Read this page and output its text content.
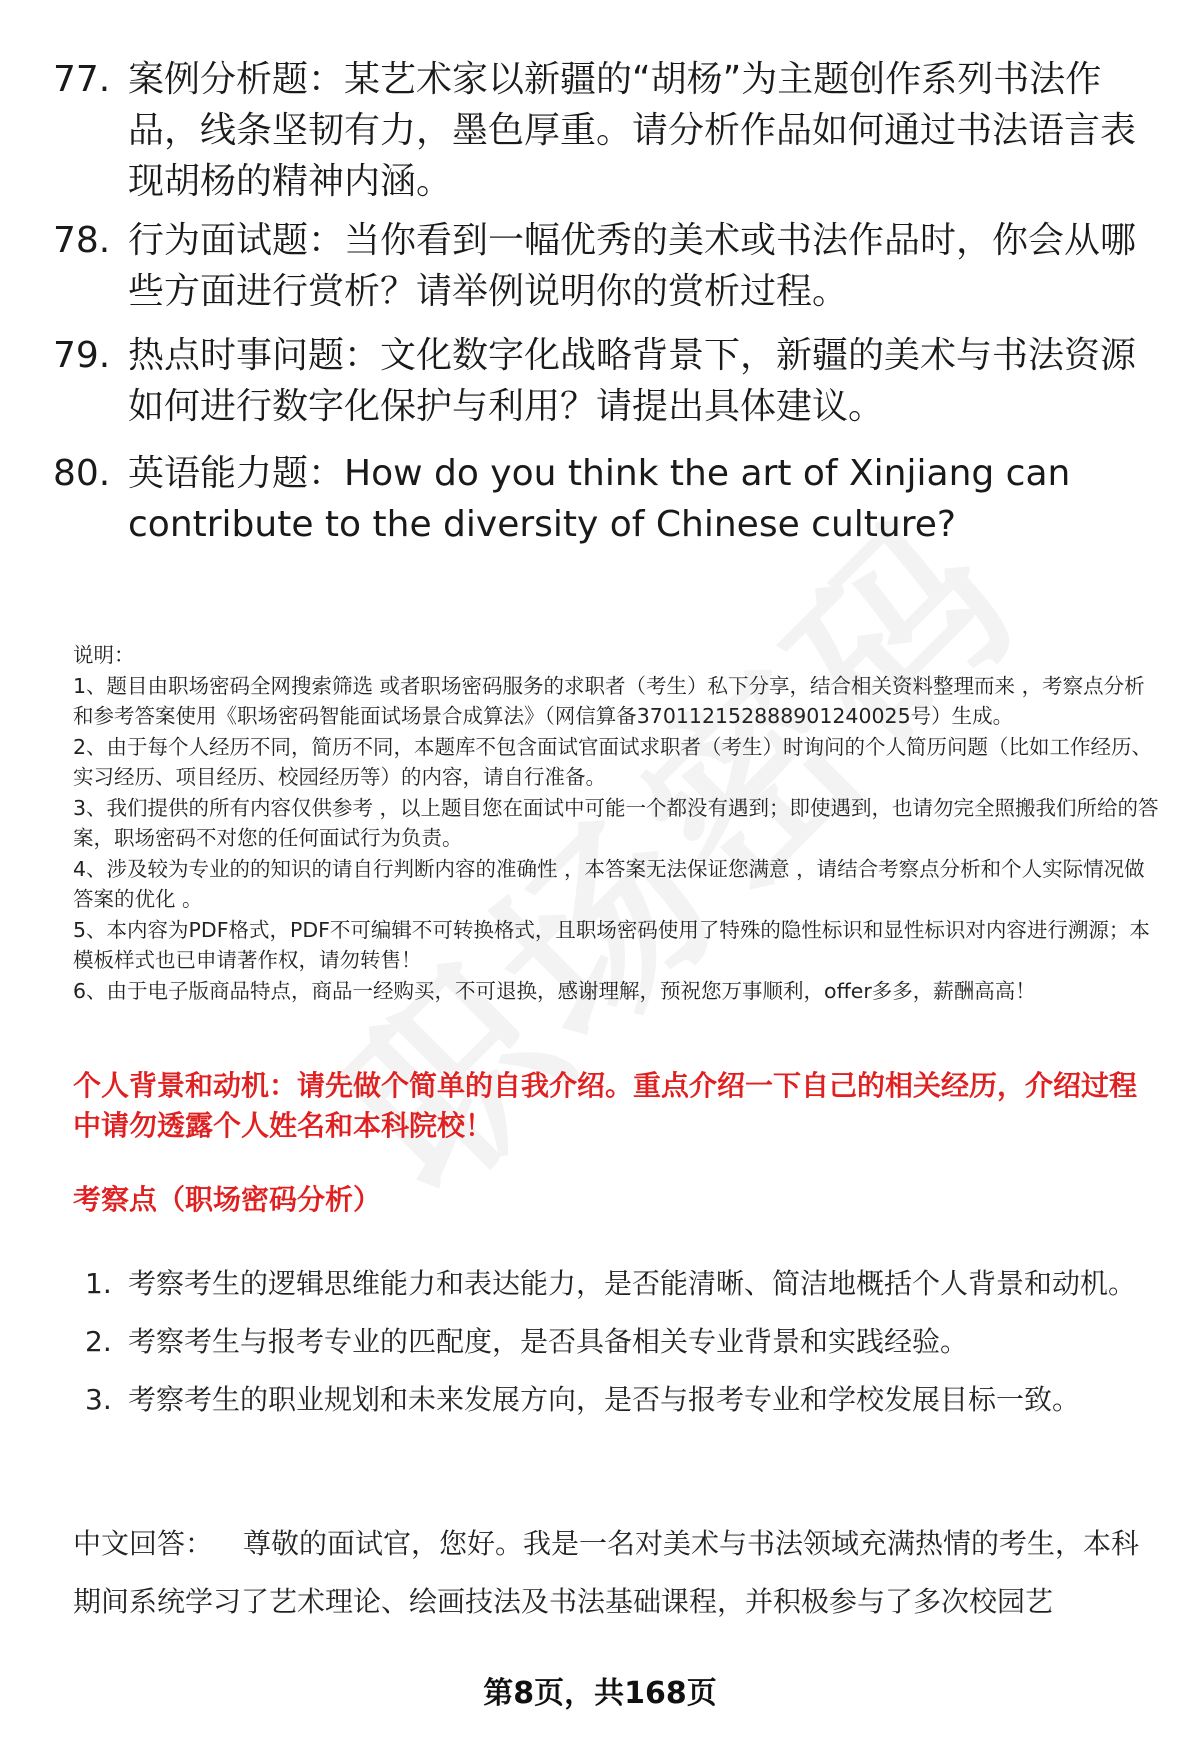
77. 案例分析题：某艺术家以新疆的“胡杨”为主题创作系列书法作品，线条坚韧有力，墨色厚重。请分析作品如何通过书法语言表现胡杨的精神内涵。
78. 行为面试题：当你看到一幅优秀的美术或书法作品时，你会从哪些方面进行赏析？请举例说明你的赏析过程。
79. 热点时事问题：文化数字化战略背景下，新疆的美术与书法资源如何进行数字化保护与利用？请提出具体建议。
80. 英语能力题：How do you think the art of Xinjiang can contribute to the diversity of Chinese culture?

说明：

1、题目由职场密码全网搜索筛选 或者职场密码服务的求职者（考生）私下分享，结合相关资料整理而来 ，考察点分析和参考答案使用《职场密码智能面试场景合成算法》（网信算备370112152888901240025号）生成。

2、由于每个人经历不同，简历不同，本题库不包含面试官面试求职者（考生）时询问的个人简历问题（比如工作经历、实习经历、项目经历、校园经历等）的内容，请自行准备。

3、我们提供的所有内容仅供参考 ，以上题目您在面试中可能一个都没有遇到；即使遇到，也请勿完全照搬我们所给的答案，职场密码不对您的任何面试行为负责。

4、涉及较为专业的的知识的请自行判断内容的准确性 ，本答案无法保证您满意 ，请结合考察点分析和个人实际情况做答案的优化 。

5、本内容为PDF格式，PDF不可编辑不可转换格式，且职场密码使用了特殊的隐性标识和显性标识对内容进行溯源；本模板样式也已申请著作权，请勿转售！

6、由于电子版商品特点，商品一经购买，不可退换，感谢理解，预祝您万事顺利，offer多多，薪酬高高！

个人背景和动机：请先做个简单的自我介绍。重点介绍一下自己的相关经历，介绍过程中请勿透露个人姓名和本科院校！
考察点（职场密码分析）
1. 考察考生的逻辑思维能力和表达能力，是否能清晰、简洁地概括个人背景和动机。
2. 考察考生与报考专业的匹配度，是否具备相关专业背景和实践经验。
3. 考察考生的职业规划和未来发展方向，是否与报考专业和学校发展目标一致。
中文回答： 尊敬的面试官，您好。我是一名对美术与书法领域充满热情的考生，本科期间系统学习了艺术理论、绘画技法及书法基础课程，并积极参与了多次校园艺
第8页，共168页
